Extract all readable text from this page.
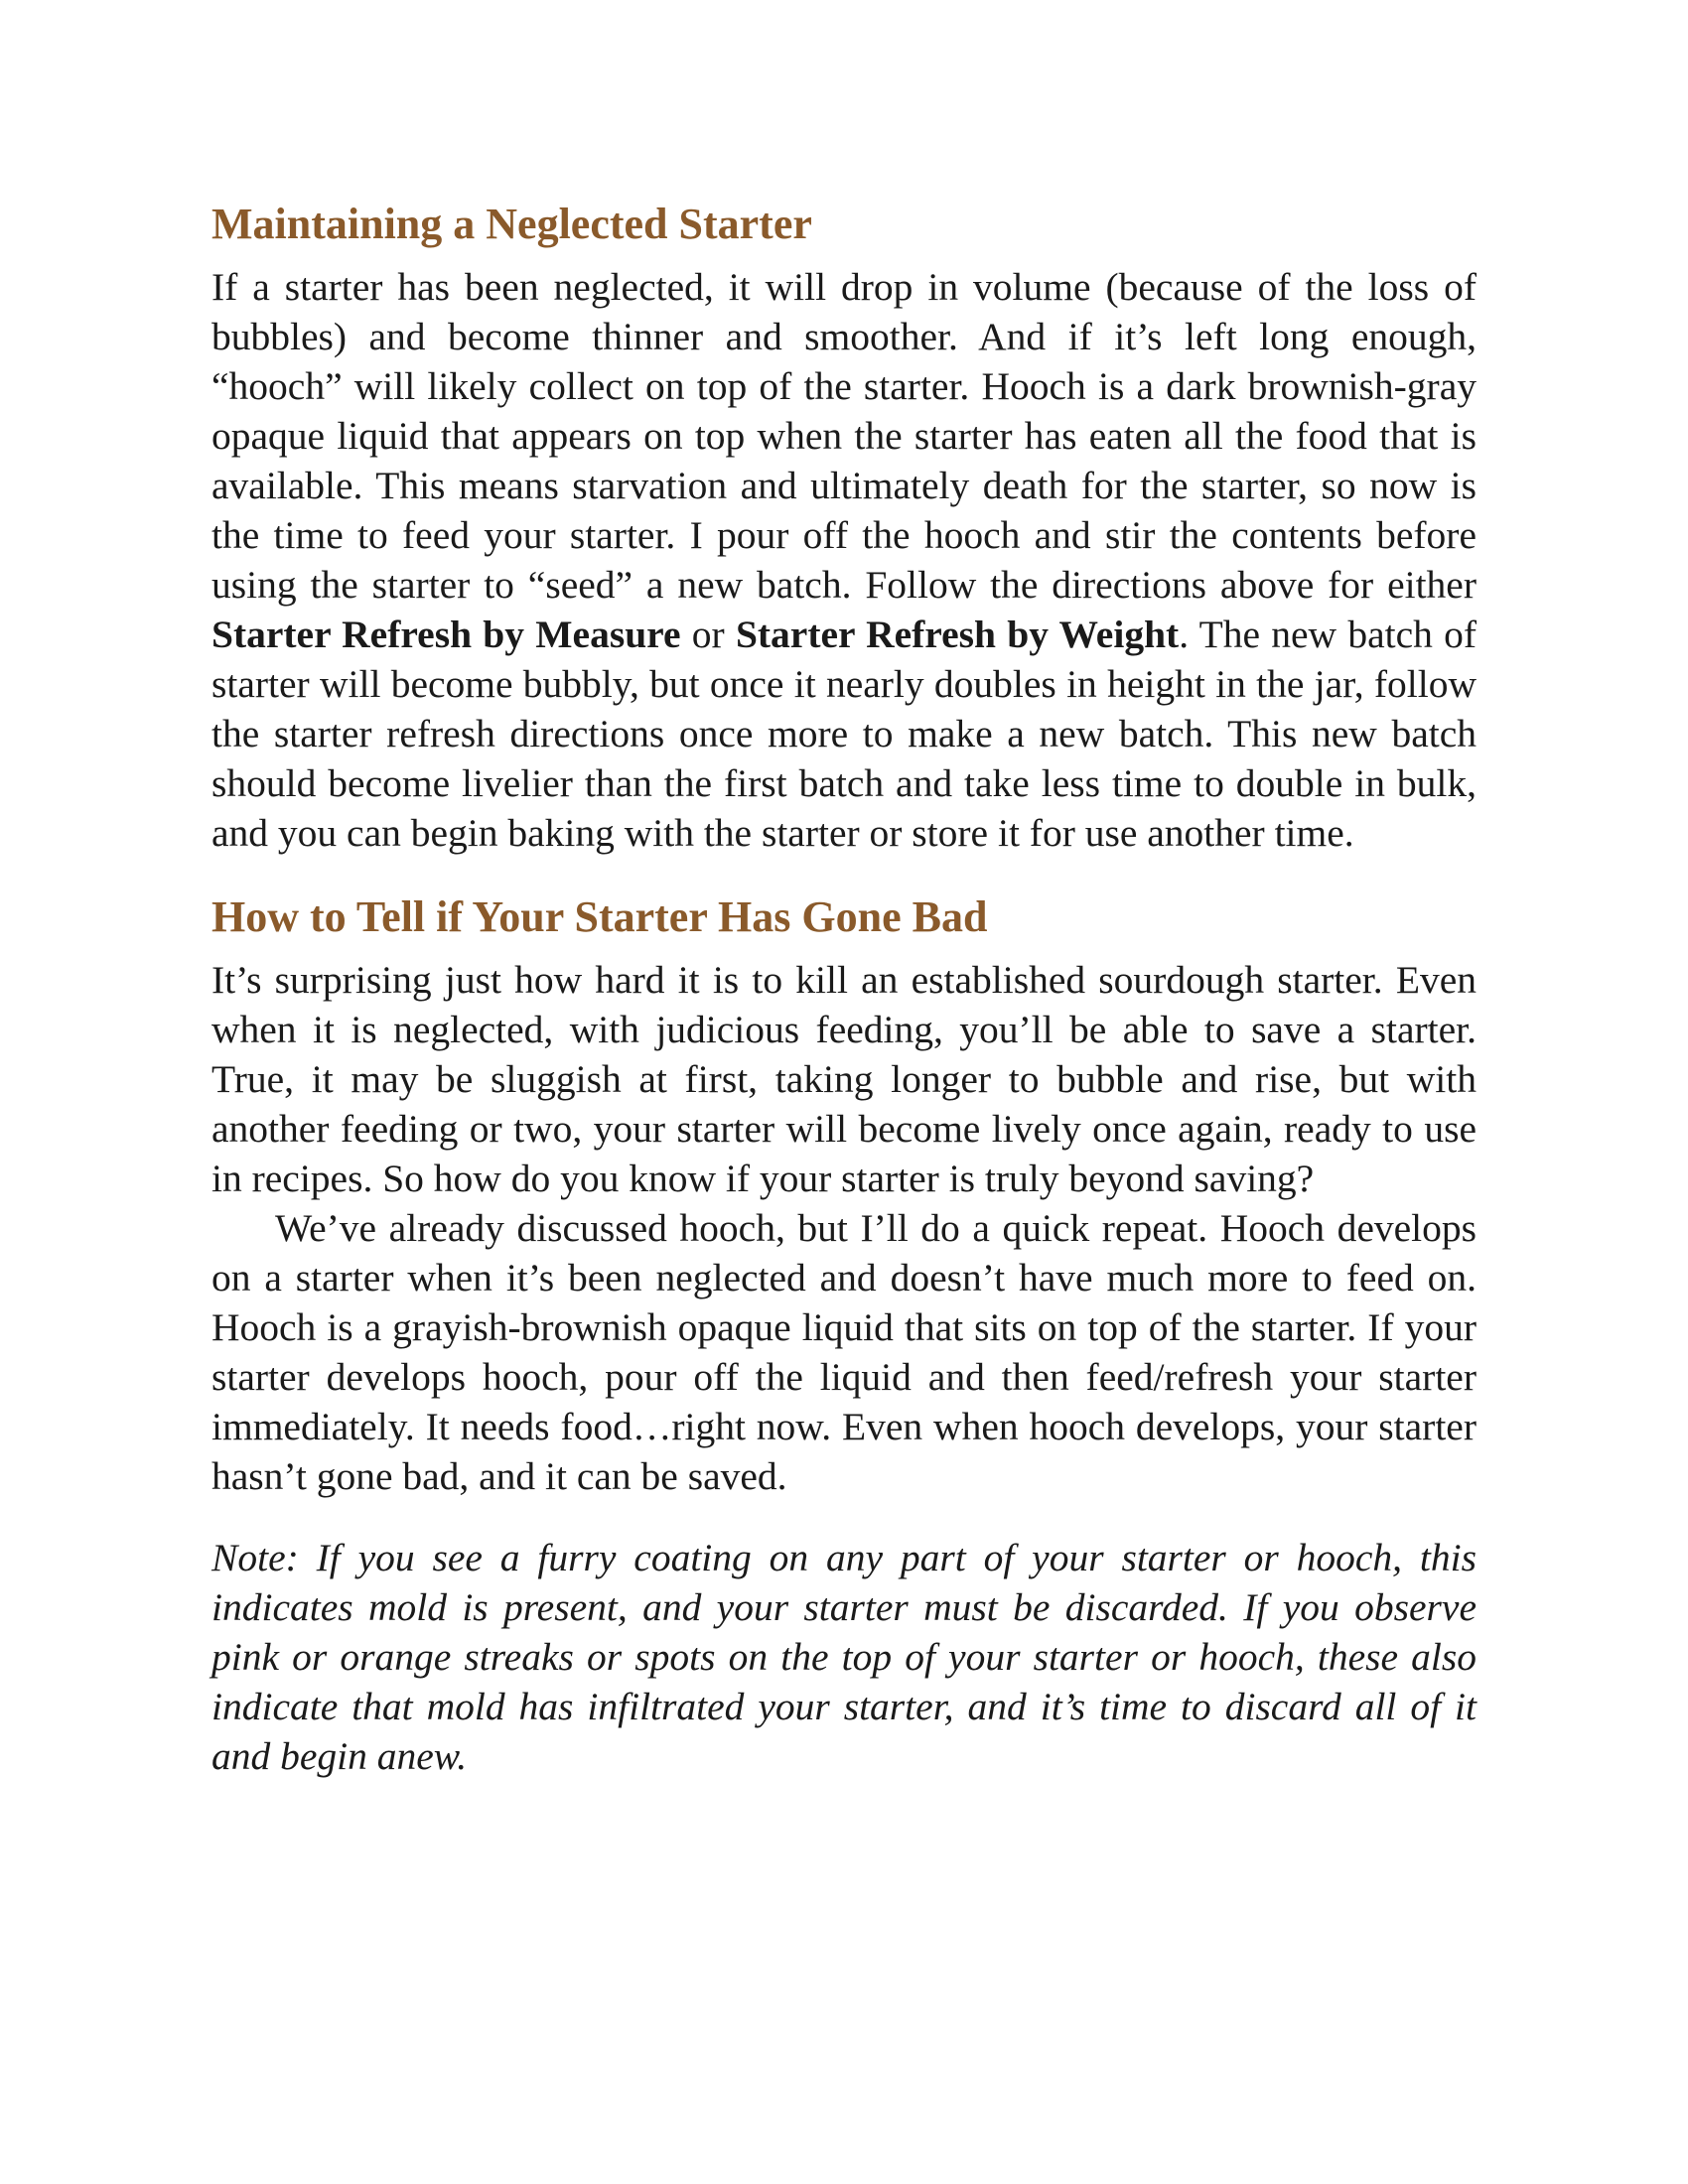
Maintaining a Neglected Starter

If a starter has been neglected, it will drop in volume (because of the loss of bubbles) and become thinner and smoother. And if it’s left long enough, “hooch” will likely collect on top of the starter. Hooch is a dark brownish-gray opaque liquid that appears on top when the starter has eaten all the food that is available. This means starvation and ultimately death for the starter, so now is the time to feed your starter. I pour off the hooch and stir the contents before using the starter to “seed” a new batch. Follow the directions above for either Starter Refresh by Measure or Starter Refresh by Weight. The new batch of starter will become bubbly, but once it nearly doubles in height in the jar, follow the starter refresh directions once more to make a new batch. This new batch should become livelier than the first batch and take less time to double in bulk, and you can begin baking with the starter or store it for use another time.

How to Tell if Your Starter Has Gone Bad

It’s surprising just how hard it is to kill an established sourdough starter. Even when it is neglected, with judicious feeding, you’ll be able to save a starter. True, it may be sluggish at first, taking longer to bubble and rise, but with another feeding or two, your starter will become lively once again, ready to use in recipes. So how do you know if your starter is truly beyond saving?

We’ve already discussed hooch, but I’ll do a quick repeat. Hooch develops on a starter when it’s been neglected and doesn’t have much more to feed on. Hooch is a grayish-brownish opaque liquid that sits on top of the starter. If your starter develops hooch, pour off the liquid and then feed/refresh your starter immediately. It needs food…right now. Even when hooch develops, your starter hasn’t gone bad, and it can be saved.

Note: If you see a furry coating on any part of your starter or hooch, this indicates mold is present, and your starter must be discarded. If you observe pink or orange streaks or spots on the top of your starter or hooch, these also indicate that mold has infiltrated your starter, and it’s time to discard all of it and begin anew.
